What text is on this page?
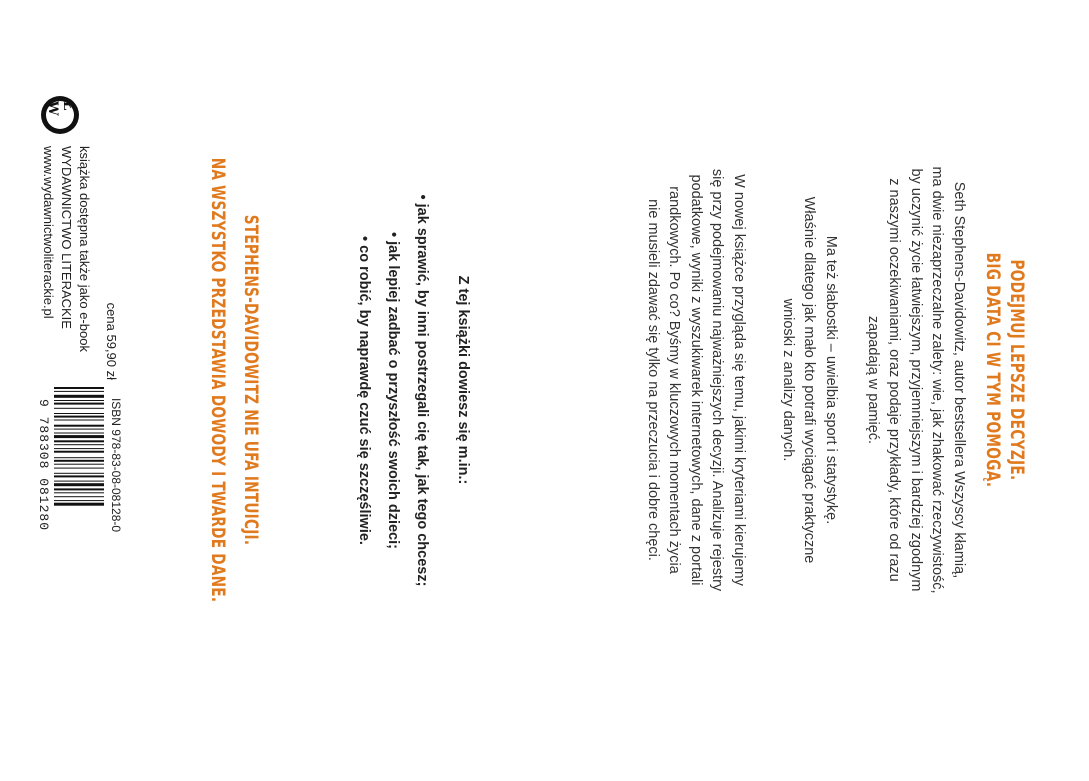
PODEJMUJ LEPSZE DECYZJE.
BIG DATA CI W TYM POMOGĄ.
Seth Stephens-Davidowitz, autor bestsellera Wszyscy kłamią,
ma dwie niezaprzeczalne zalety: wie, jak zhakować rzeczywistość,
by uczynić życie łatwiejszym, przyjemniejszym i bardziej zgodnym
z naszymi oczekiwaniami, oraz podaje przykłady, które od razu
zapadają w pamięć.
Ma też słabostki – uwielbia sport i statystykę.
Właśnie dlatego jak mało kto potrafi wyciągać praktyczne
wnioski z analizy danych.
W nowej książce przygląda się temu, jakimi kryteriami kierujemy
się przy podejmowaniu najważniejszych decyzji. Analizuje rejestry
podatkowe, wyniki z wyszukiwarek internetowych, dane z portali
randkowych. Po co? Byśmy w kluczowych momentach życia
nie musieli zdawać się tylko na przeczucia i dobre chęci.
Z tej książki dowiesz się m.in.:
• jak sprawić, by inni postrzegali cię tak, jak tego chcesz;
• jak lepiej zadbać o przyszłość swoich dzieci;
• co robić, by naprawdę czuć się szczęśliwie.
STEPHENS-DAVIDOWITZ NIE UFA INTUICJI.
NA WSZYSTKO PRZEDSTAWIA DOWODY I TWARDE DANE.
Ł W
książka dostępna także jako e-book
WYDAWNICTWO LITERACKIE
www.wydawnictwoliterackie.pl
cena 59,90 zł
ISBN 978-83-08-08128-0
9 788308 081280
